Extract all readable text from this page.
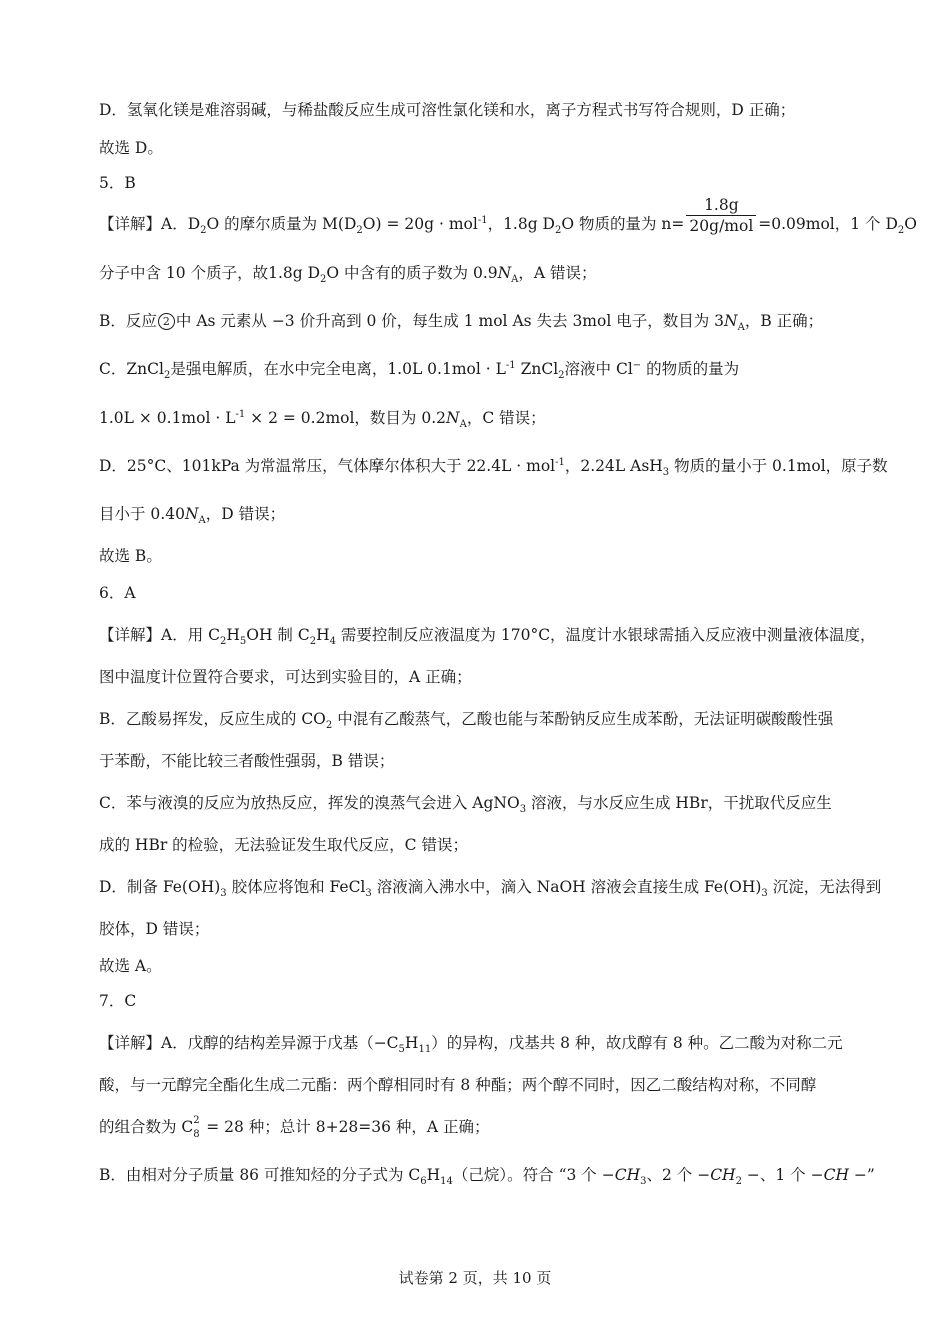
D．氢氧化镁是难溶弱碱，与稀盐酸反应生成可溶性氯化镁和水，离子方程式书写符合规则，D 正确；
故选 D。
5．B
【详解】A．$D_2O$ 的摩尔质量为 $M(D_2O) = 20g \cdot mol^{-1}$，1.8g $D_2O$ 物质的量为 $n= \frac{1.8g}{\text{20g/mol}} =0.09mol$，1 个 $D_2O$
分子中含 10 个质子，故1.8g $D_2O$ 中含有的质子数为 $0.9N_A$，A 错误；
B．反应 2 中 As 元素从 −3 价升高到 0 价，每生成 1 mol As 失去 3mol 电子，数目为 $3N_A$，B 正确；
C．ZnCl$_2$是强电解质，在水中完全电离，1.0L $0.1mol \cdot L^{-1}$ ZnCl$_2$溶液中 Cl− 的物质的量为
$1.0L \times 0.1mol \cdot L^{-1} \times 2 = 0.2mol$，数目为 $0.2N_A$，C 错误；
D．25°C、101kPa 为常温常压，气体摩尔体积大于 22.4L · mol$^{-1}$，2.24L AsH$_3$ 物质的量小于 0.1mol，原子数
目小于 $0.40N_A$，D 错误；
故选 B。
6．A
【详解】A．用 $C_2H_5OH$ 制 $C_2H_4$ 需要控制反应液温度为 170°C，温度计水银球需插入反应液中测量液体温度，
图中温度计位置符合要求，可达到实验目的，A 正确；
B．乙酸易挥发，反应生成的 $CO_2$ 中混有乙酸蒸气，乙酸也能与苯酚钠反应生成苯酚，无法证明碳酸酸性强
于苯酚，不能比较三者酸性强弱，B 错误；
C．苯与液溴的反应为放热反应，挥发的溴蒸气会进入 AgNO$_3$ 溶液，与水反应生成 HBr，干扰取代反应生
成的 HBr 的检验，无法验证发生取代反应，C 错误；
D．制备 $Fe(OH)_3$ 胶体应将饱和 FeCl$_3$ 溶液滴入沸水中，滴入 NaOH 溶液会直接生成 $Fe(OH)_3$ 沉淀，无法得到
胶体，D 错误；
故选 A。
7．C
【详解】A．戊醇的结构差异源于戊基$(-C_5H_{11})$的异构，戊基共 8 种，故戊醇有 8 种。乙二酸为对称二元
酸，与一元醇完全酯化生成二元酯：两个醇相同时有 8 种酯；两个醇不同时，因乙二酸结构对称，不同醇
的组合数为 C 2
8 = 28 种；总计 8+28=36 种，A 正确；
B．由相对分子质量 86 可推知烃的分子式为 $C_6H_{14}$（己烷）。符合 “3 个 $-CH_3$、2 个 $-CH_2$ −、1 个 −CH −”
试卷第 2 页，共 10 页
